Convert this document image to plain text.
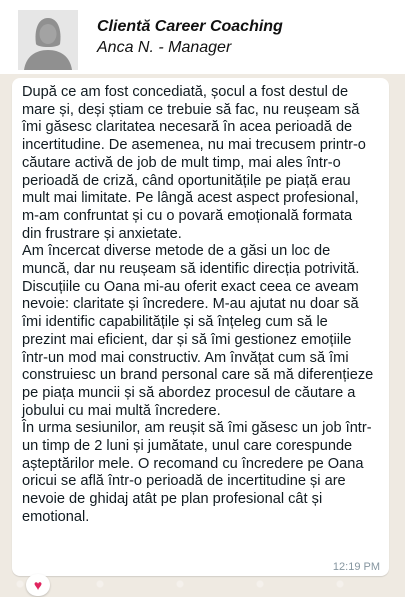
Clientă Career Coaching
Anca N. - Manager

După ce am fost concediată, șocul a fost destul de mare și, deși știam ce trebuie să fac, nu reușeam să îmi găsesc claritatea necesară în acea perioadă de incertitudine. De asemenea, nu mai trecusem printr-o căutare activă de job de mult timp, mai ales într-o perioadă de criză, când oportunitățile pe piață erau mult mai limitate. Pe lângă acest aspect profesional, m-am confruntat și cu o povară emoțională formata din frustrare și anxietate.

Am încercat diverse metode de a găsi un loc de muncă, dar nu reușeam să identific direcția potrivită. Discuțiile cu Oana mi-au oferit exact ceea ce aveam nevoie: claritate și încredere. M-au ajutat nu doar să îmi identific capabilitățile și să înțeleg cum să le prezint mai eficient, dar și să îmi gestionez emoțiile într-un mod mai constructiv. Am învățat cum să îmi construiesc un brand personal care să mă diferențieze pe piața muncii și să abordez procesul de căutare a jobului cu mai multă încredere.

În urma sesiunilor, am reușit să îmi găsesc un job într-un timp de 2 luni și jumătate, unul care corespunde așteptărilor mele. O recomand cu încredere pe Oana oricui se află într-o perioadă de incertitudine și are nevoie de ghidaj atât pe plan profesional cât și emotional.

12:19 PM
♥
